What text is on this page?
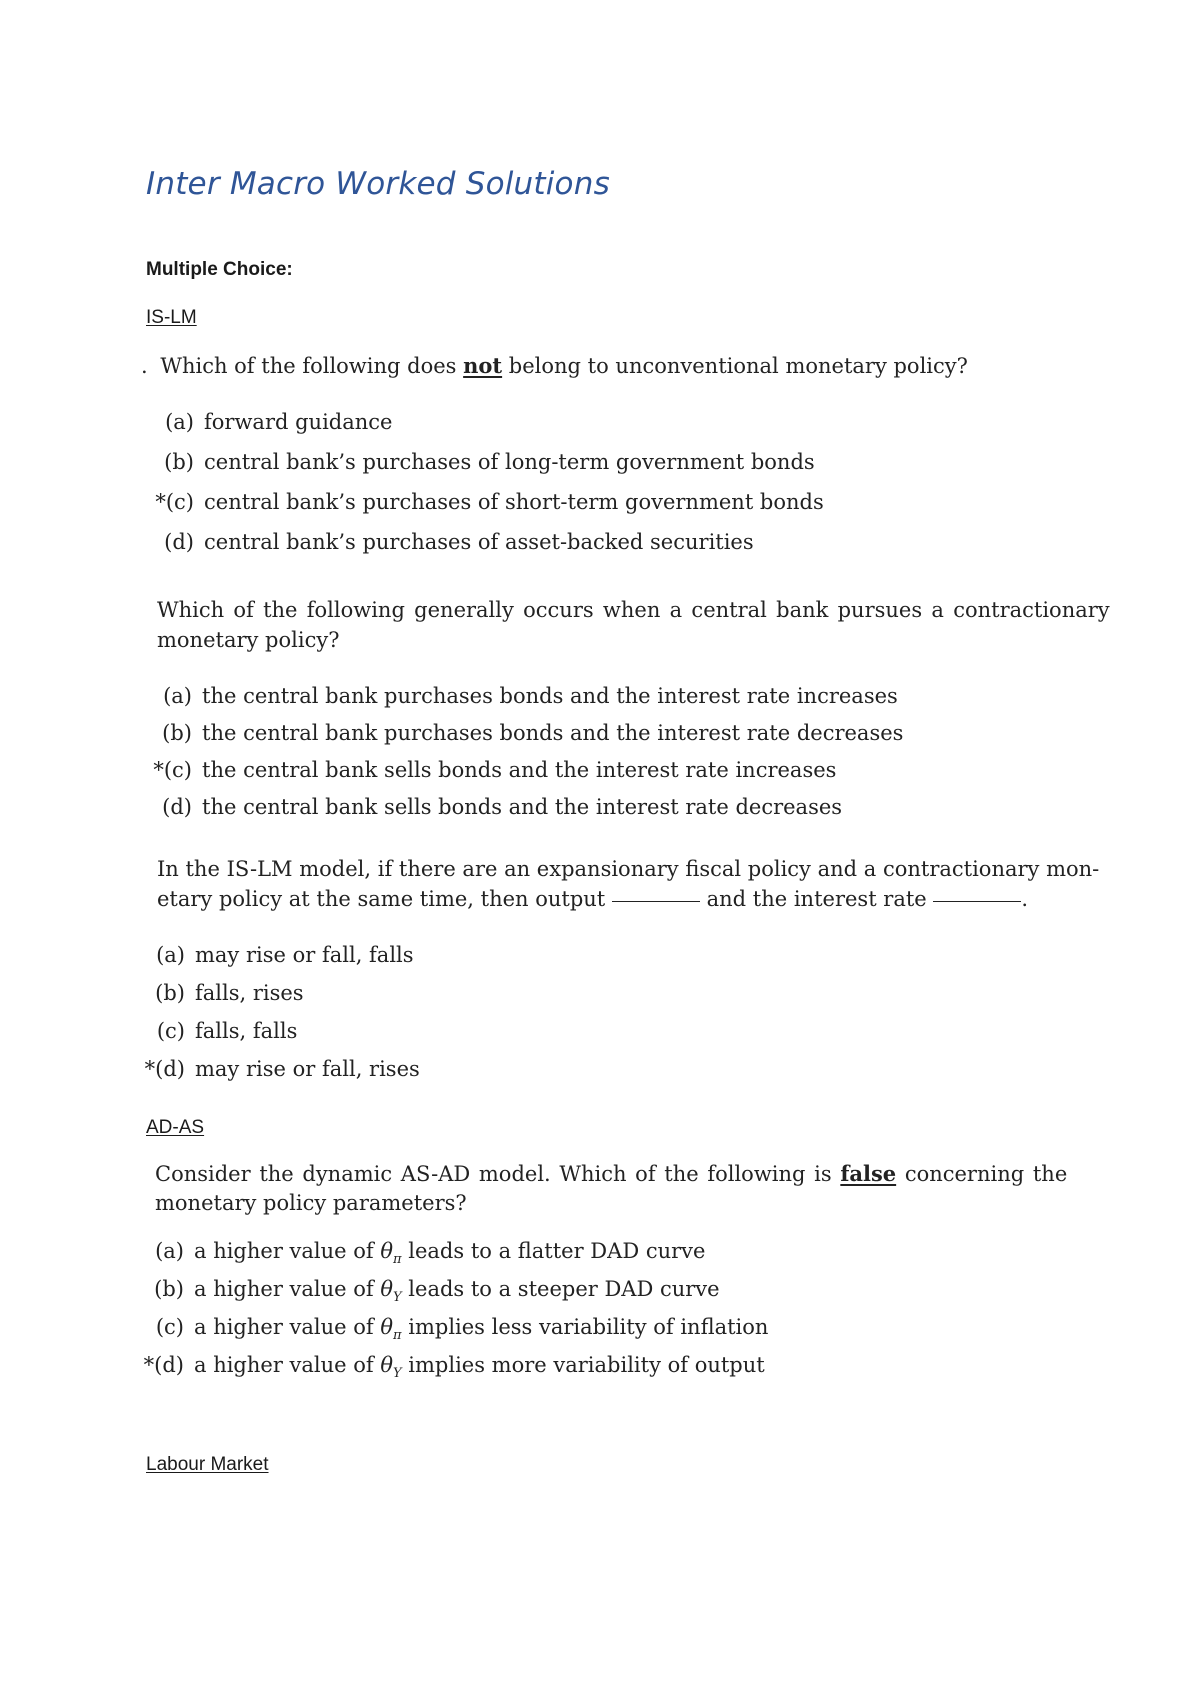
Inter Macro Worked Solutions
Multiple Choice:
IS-LM
. Which of the following does not belong to unconventional monetary policy?
(a) forward guidance
(b) central bank’s purchases of long-term government bonds
*(c) central bank’s purchases of short-term government bonds
(d) central bank’s purchases of asset-backed securities
Which of the following generally occurs when a central bank pursues a contractionary
monetary policy?
(a) the central bank purchases bonds and the interest rate increases
(b) the central bank purchases bonds and the interest rate decreases
*(c) the central bank sells bonds and the interest rate increases
(d) the central bank sells bonds and the interest rate decreases
In the IS-LM model, if there are an expansionary fiscal policy and a contractionary mon-
etary policy at the same time, then output	and the interest rate	.
(a) may rise or fall, falls
(b) falls, rises
(c) falls, falls
*(d) may rise or fall, rises
AD-AS
Consider the dynamic AS-AD model. Which of the following is false concerning the
monetary policy parameters?
(a) a higher value of $\theta_\pi$ leads to a flatter DAD curve
(b) a higher value of $\theta_Y$ leads to a steeper DAD curve
(c) a higher value of $\theta_\pi$ implies less variability of inflation
*(d) a higher value of $\theta_Y$ implies more variability of output
Labour Market
